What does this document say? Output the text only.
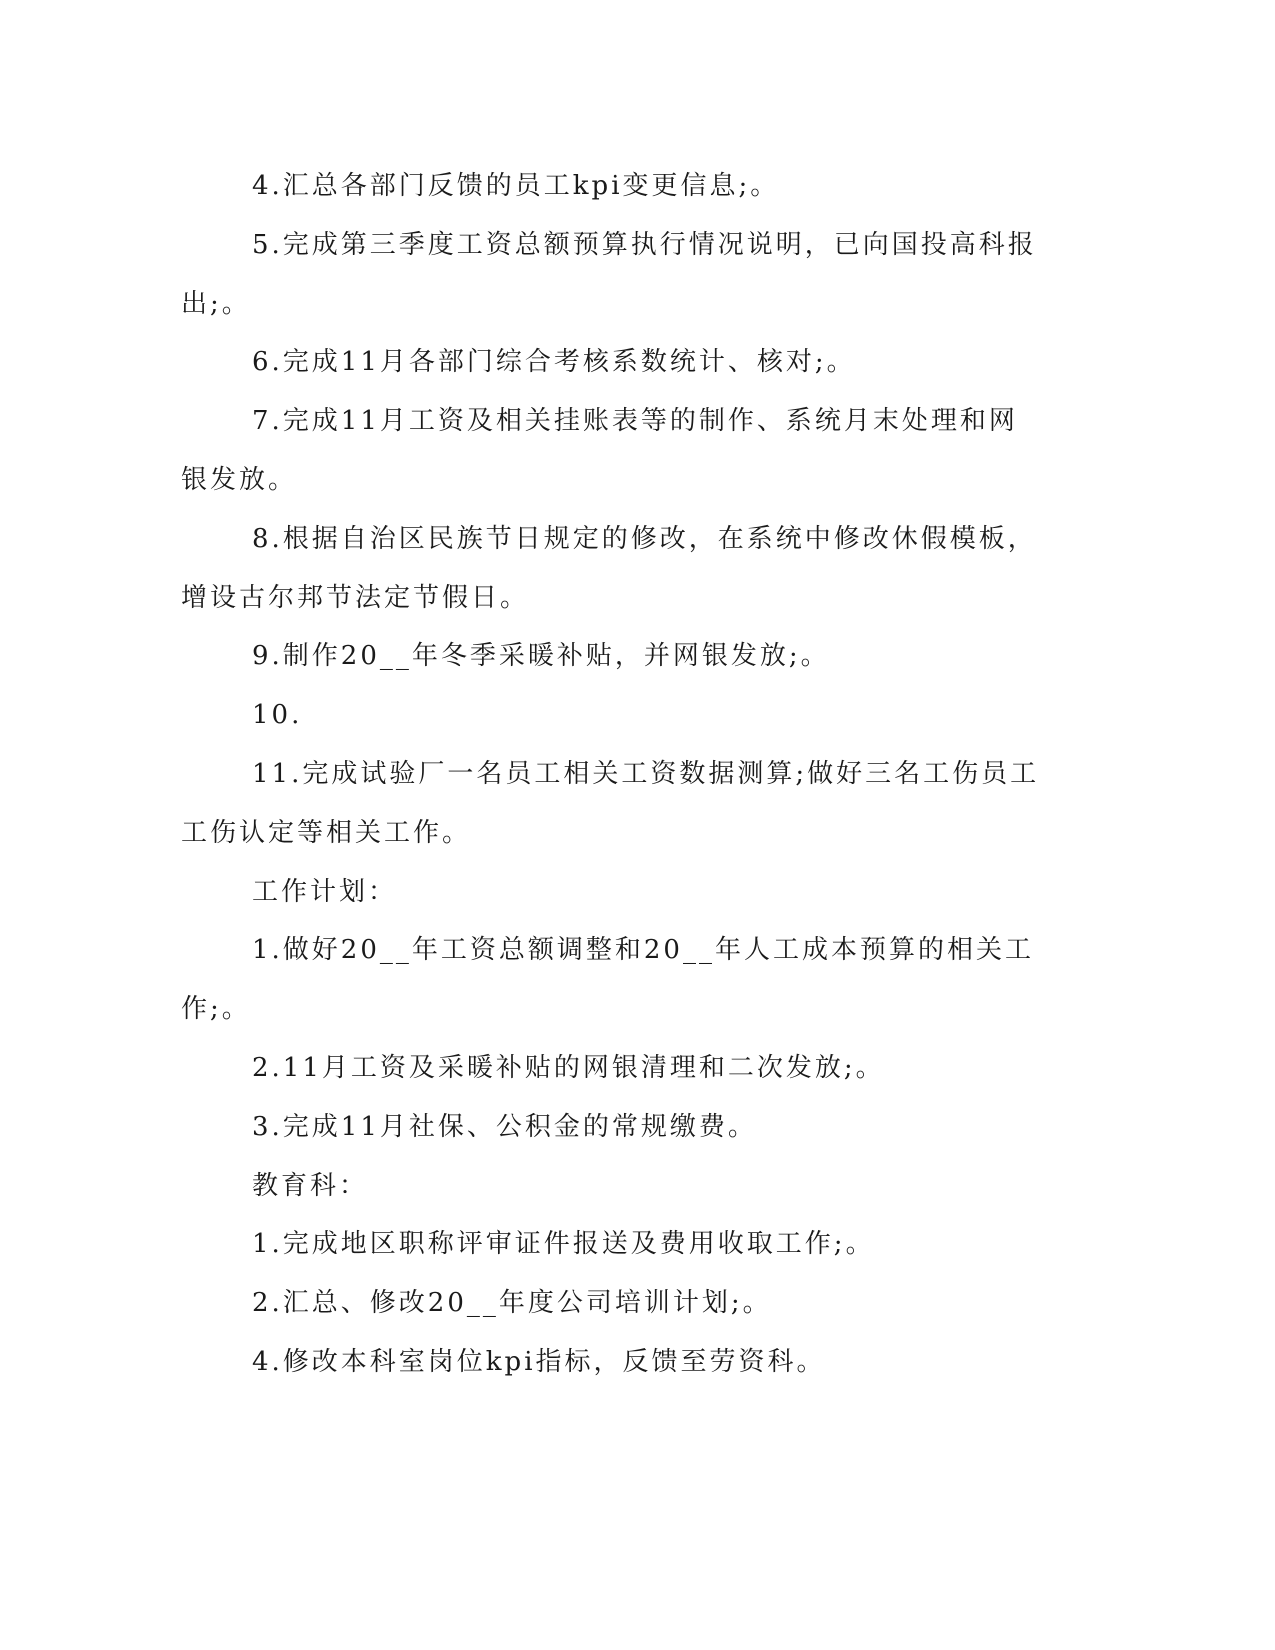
4.汇总各部门反馈的员工kpi变更信息;。

5.完成第三季度工资总额预算执行情况说明，已向国投高科报出;。

6.完成11月各部门综合考核系数统计、核对;。

7.完成11月工资及相关挂账表等的制作、系统月末处理和网银发放。

8.根据自治区民族节日规定的修改，在系统中修改休假模板，增设古尔邦节法定节假日。

9.制作20__年冬季采暖补贴，并网银发放;。

10.

11.完成试验厂一名员工相关工资数据测算;做好三名工伤员工工伤认定等相关工作。

工作计划：

1.做好20__年工资总额调整和20__年人工成本预算的相关工作;。

2.11月工资及采暖补贴的网银清理和二次发放;。

3.完成11月社保、公积金的常规缴费。

教育科：

1.完成地区职称评审证件报送及费用收取工作;。

2.汇总、修改20__年度公司培训计划;。

4.修改本科室岗位kpi指标，反馈至劳资科。
